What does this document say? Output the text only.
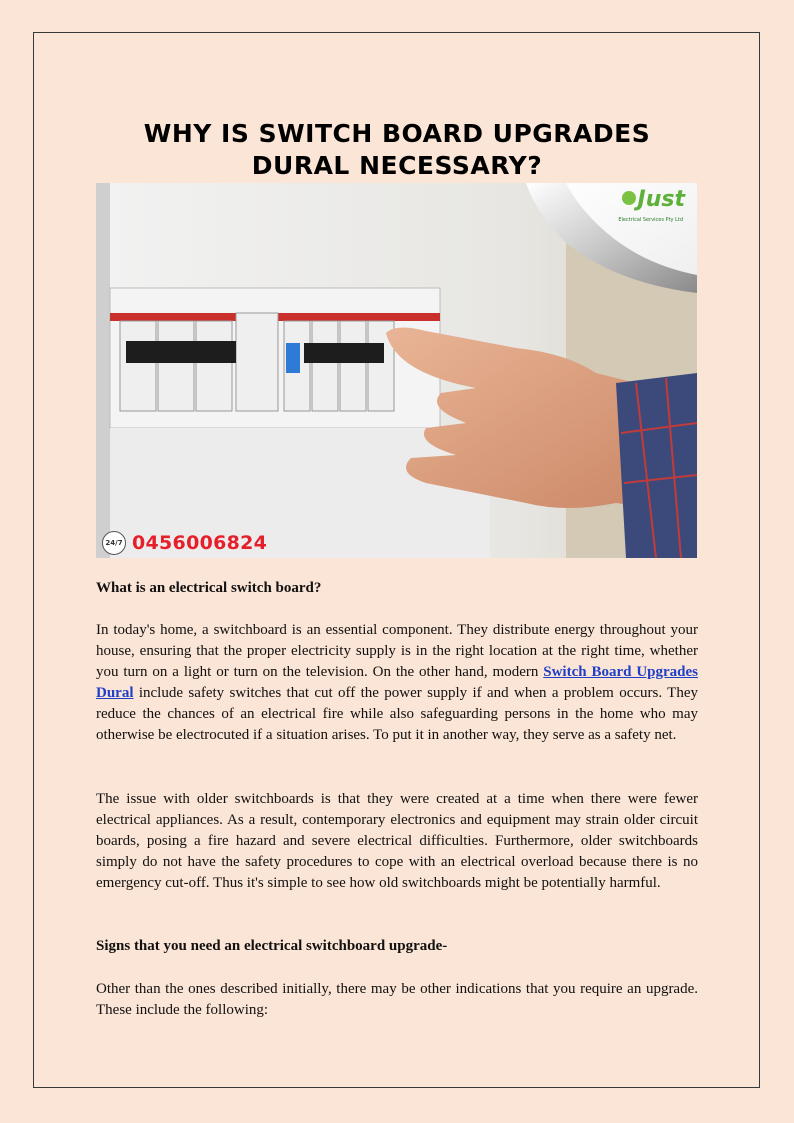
WHY IS SWITCH BOARD UPGRADES DURAL NECESSARY?
Just
Electrical Services Pty Ltd
24/7 0456006824

What is an electrical switch board?

In today's home, a switchboard is an essential component. They distribute energy throughout your house, ensuring that the proper electricity supply is in the right location at the right time, whether you turn on a light or turn on the television. On the other hand, modern Switch Board Upgrades Dural include safety switches that cut off the power supply if and when a problem occurs. They reduce the chances of an electrical fire while also safeguarding persons in the home who may otherwise be electrocuted if a situation arises. To put it in another way, they serve as a safety net.

The issue with older switchboards is that they were created at a time when there were fewer electrical appliances. As a result, contemporary electronics and equipment may strain older circuit boards, posing a fire hazard and severe electrical difficulties. Furthermore, older switchboards simply do not have the safety procedures to cope with an electrical overload because there is no emergency cut-off. Thus it's simple to see how old switchboards might be potentially harmful.

Signs that you need an electrical switchboard upgrade-

Other than the ones described initially, there may be other indications that you require an upgrade. These include the following:
